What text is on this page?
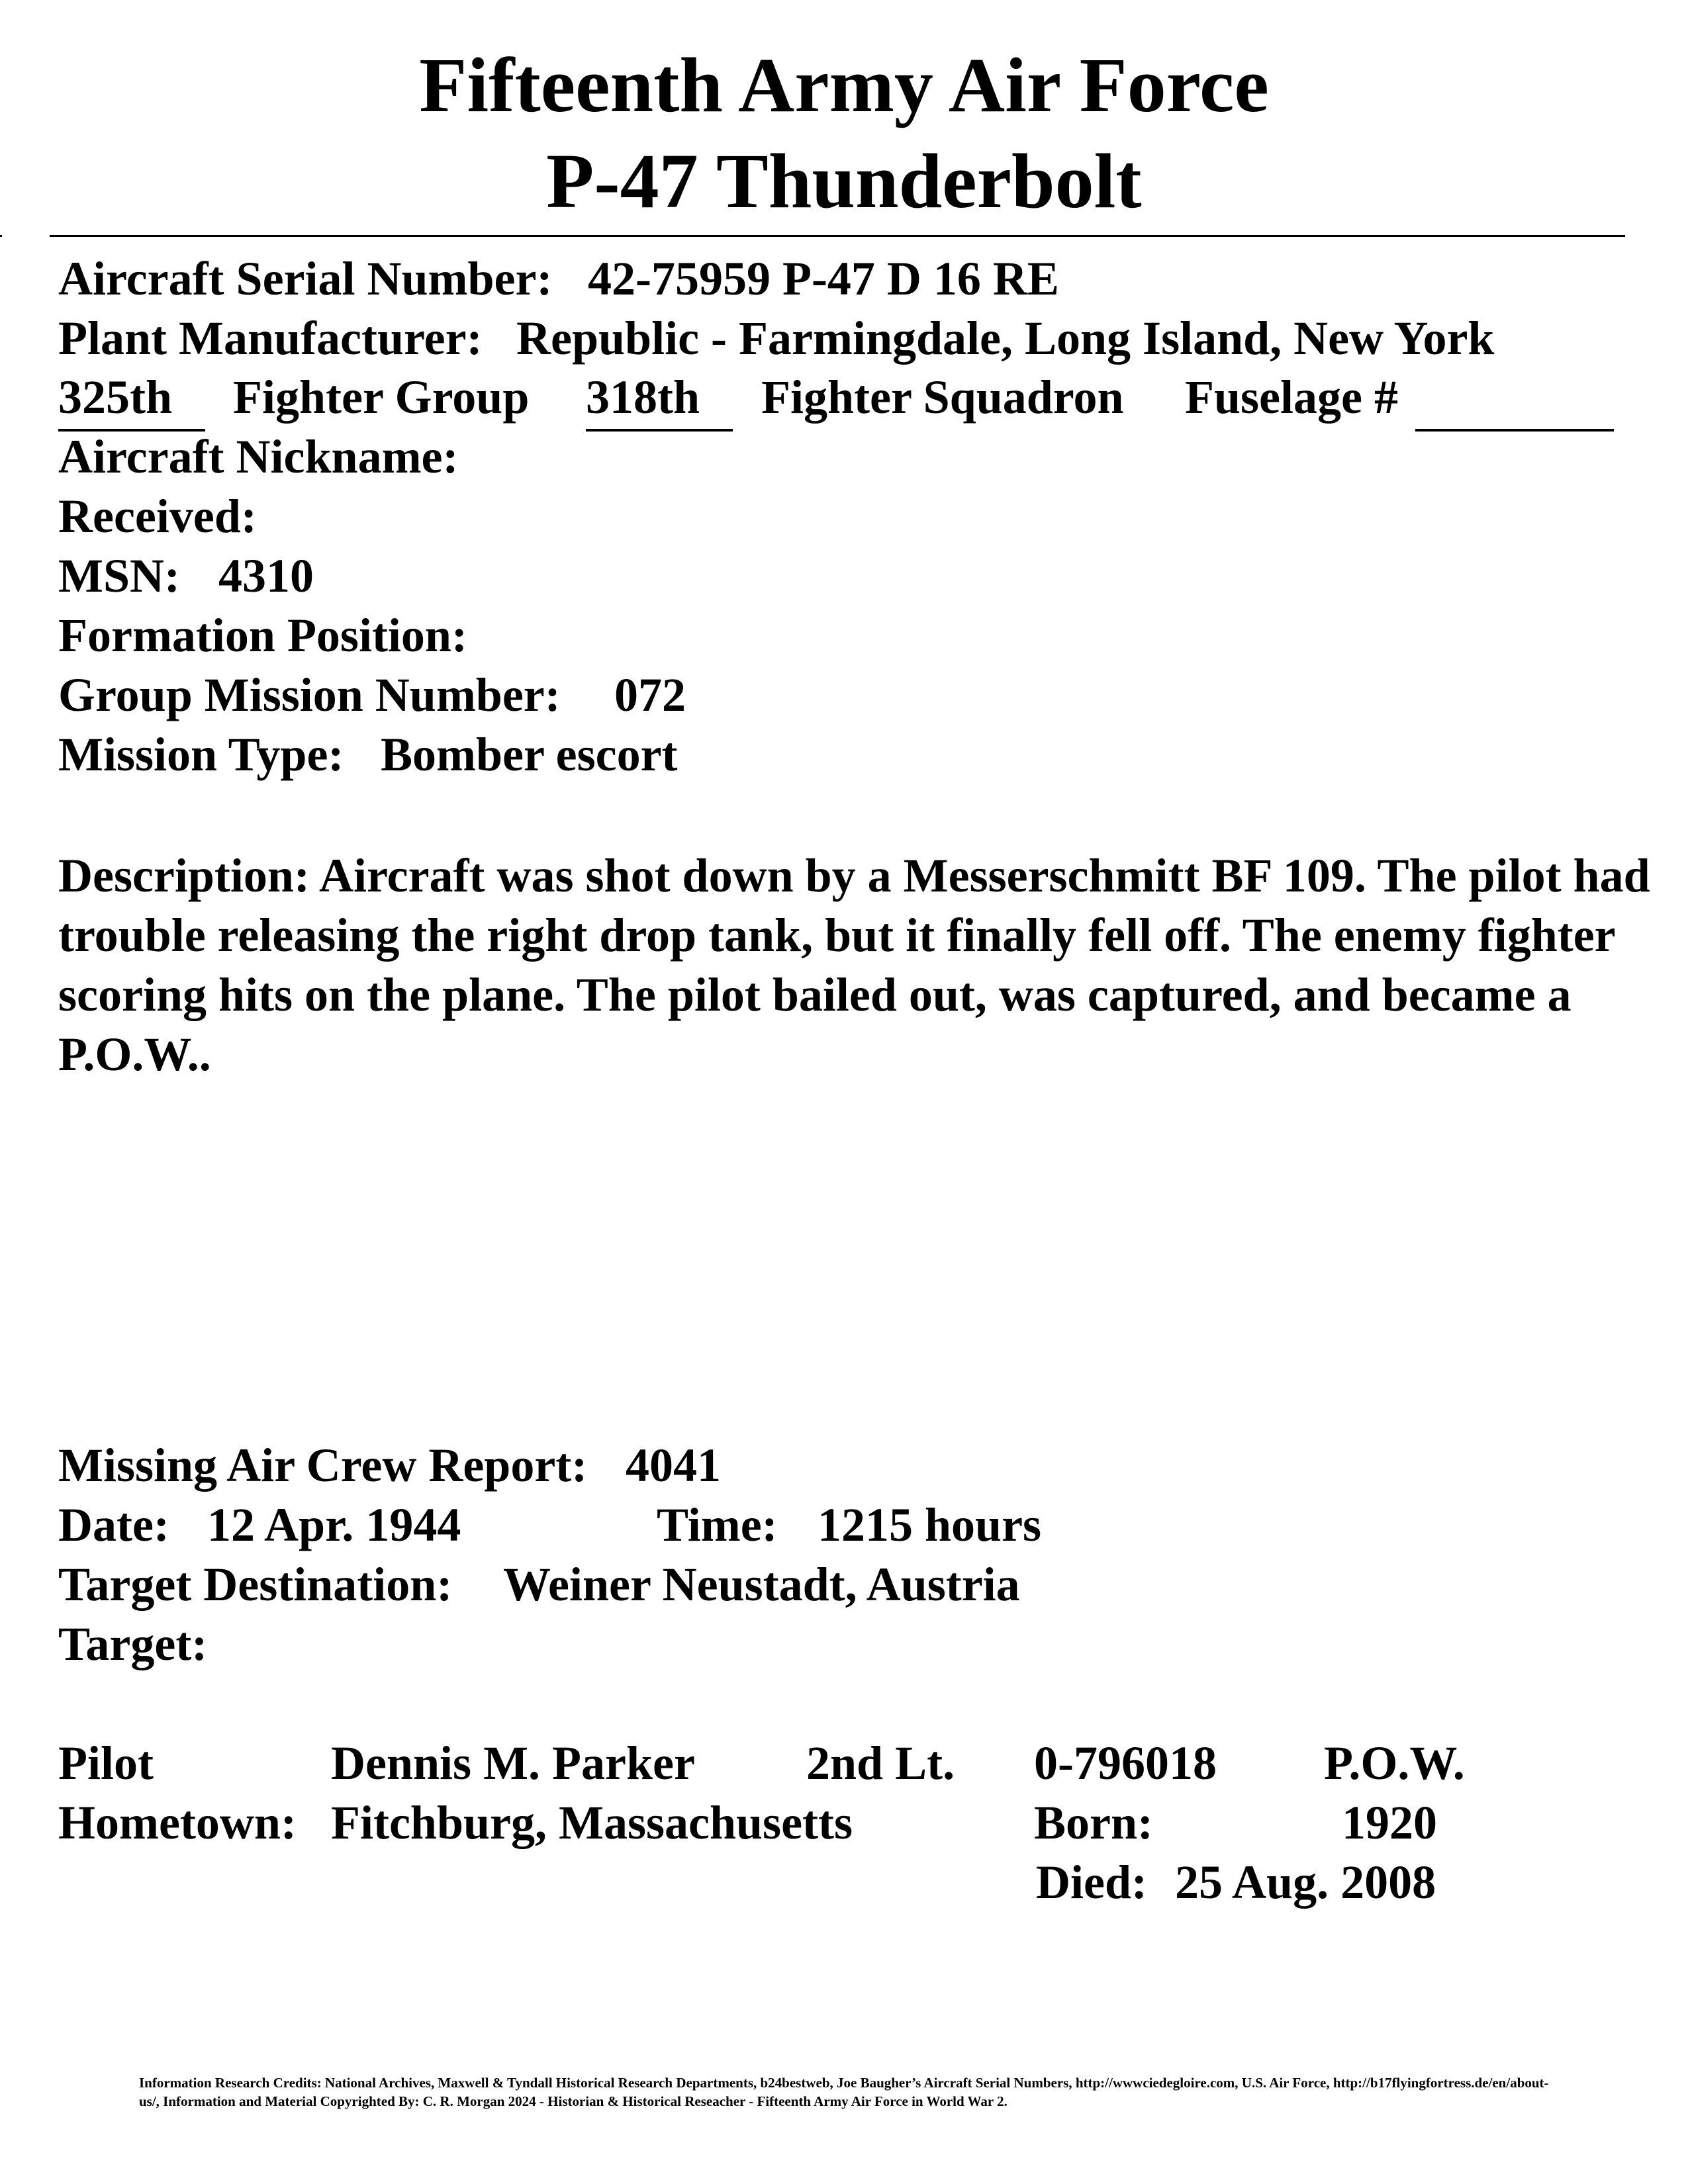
Fifteenth Army Air Force
P-47 Thunderbolt
Aircraft Serial Number: 42-75959 P-47 D 16 RE
Plant Manufacturer: Republic - Farmingdale, Long Island, New York
325th	Fighter Group 318th	Fighter Squadron Fuselage #
Aircraft Nickname:
Received:
MSN: 4310
Formation Position:
Group Mission Number: 072
Mission Type: Bomber escort
Description: Aircraft was shot down by a Messerschmitt BF 109. The pilot had trouble releasing the right drop tank, but it finally fell off. The enemy fighter scoring hits on the plane. The pilot bailed out, was captured, and became a P.O.W..
Missing Air Crew Report: 4041
Date: 12 Apr. 1944	Time: 1215 hours
Target Destination: Weiner Neustadt, Austria
Target:
Pilot	Dennis M. Parker 2nd Lt. 0-796018 P.O.W.
Hometown: Fitchburg, Massachusetts	Born:	1920
Died: 25 Aug. 2008
Information Research Credits: National Archives, Maxwell & Tyndall Historical Research Departments, b24bestweb, Joe Baugher’s Aircraft Serial Numbers, http://wwwciedegloire.com, U.S. Air Force, http://b17flyingfortress.de/en/about-us/, Information and Material Copyrighted By: C. R. Morgan 2024 - Historian & Historical Reseacher - Fifteenth Army Air Force in World War 2.
